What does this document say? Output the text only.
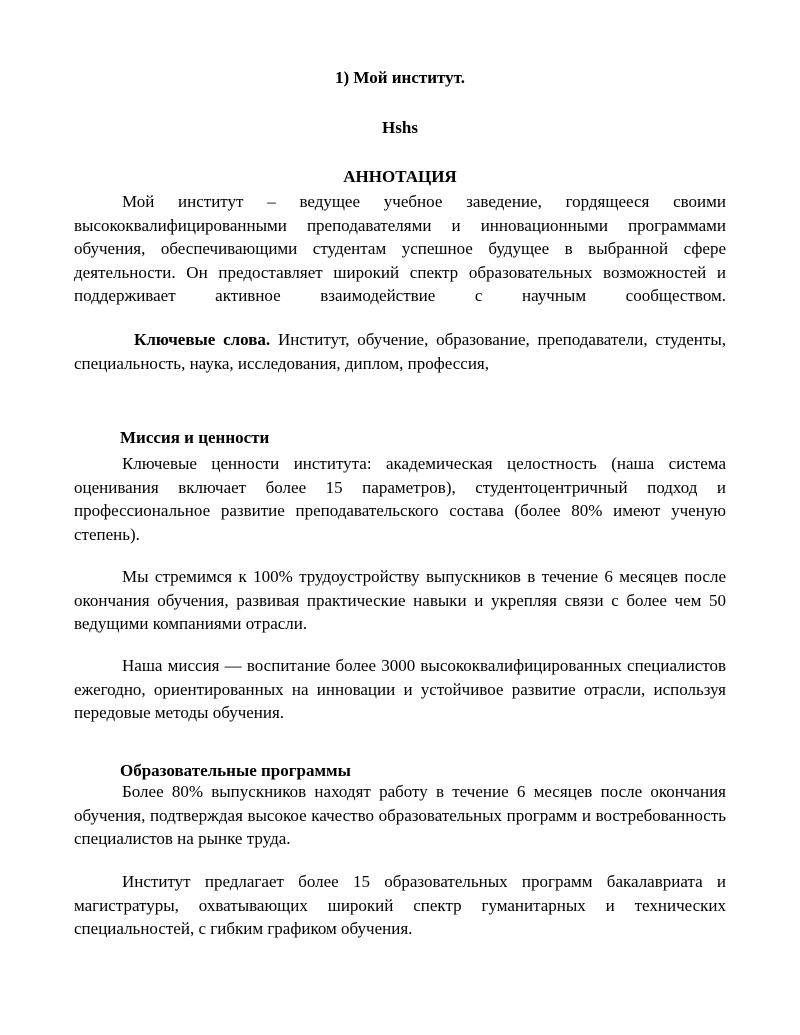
1) Мой институт.
Hshs
АННОТАЦИЯ

Мой институт – ведущее учебное заведение, гордящееся своими высококвалифицированными преподавателями и инновационными программами обучения, обеспечивающими студентам успешное будущее в выбранной сфере деятельности. Он предоставляет широкий спектр образовательных возможностей и поддерживает активное взаимодействие с научным сообществом.

Ключевые слова. Институт, обучение, образование, преподаватели, студенты, специальность, наука, исследования, диплом, профессия,

Миссия и ценности

Ключевые ценности института: академическая целостность (наша система оценивания включает более 15 параметров), студентоцентричный подход и профессиональное развитие преподавательского состава (более 80% имеют ученую степень).

Мы стремимся к 100% трудоустройству выпускников в течение 6 месяцев после окончания обучения, развивая практические навыки и укрепляя связи с более чем 50 ведущими компаниями отрасли.

Наша миссия — воспитание более 3000 высококвалифицированных специалистов ежегодно, ориентированных на инновации и устойчивое развитие отрасли, используя передовые методы обучения.

Образовательные программы

Более 80% выпускников находят работу в течение 6 месяцев после окончания обучения, подтверждая высокое качество образовательных программ и востребованность специалистов на рынке труда.

Институт предлагает более 15 образовательных программ бакалавриата и магистратуры, охватывающих широкий спектр гуманитарных и технических специальностей, с гибким графиком обучения.
